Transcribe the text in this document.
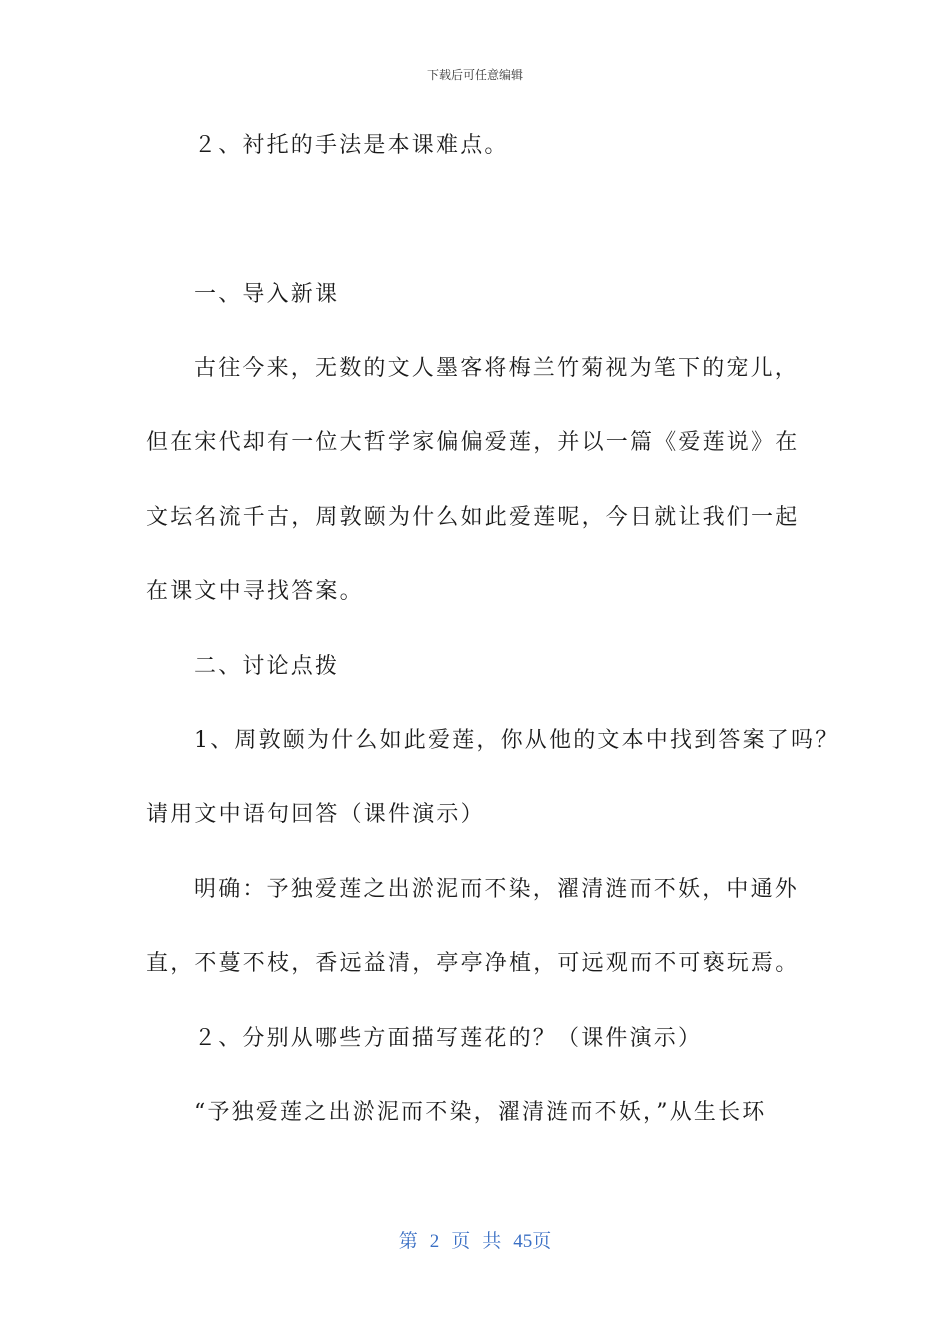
下载后可任意编辑
２、衬托的手法是本课难点。
一、导入新课
古往今来，无数的文人墨客将梅兰竹菊视为笔下的宠儿，
但在宋代却有一位大哲学家偏偏爱莲，并以一篇《爱莲说》在
文坛名流千古，周敦颐为什么如此爱莲呢，今日就让我们一起
在课文中寻找答案。
二、讨论点拨
1、周敦颐为什么如此爱莲，你从他的文本中找到答案了吗？
请用文中语句回答（课件演示）
明确：予独爱莲之出淤泥而不染，濯清涟而不妖，中通外
直，不蔓不枝，香远益清，亭亭净植，可远观而不可亵玩焉。
２、分别从哪些方面描写莲花的？（课件演示）
“予独爱莲之出淤泥而不染，濯清涟而不妖，”从生长环
第 2 页 共 45页
